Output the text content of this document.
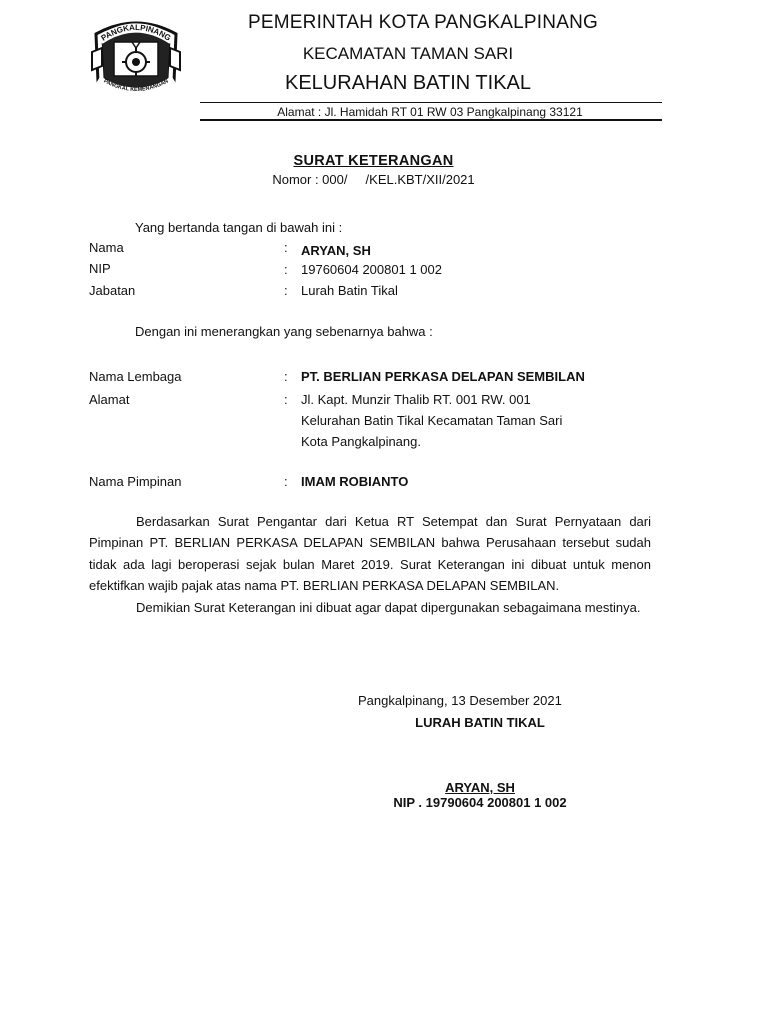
PANGKALPINANG
PANGKAL KEMENANGAN
PEMERINTAH KOTA PANGKALPINANG
KECAMATAN TAMAN SARI
KELURAHAN BATIN TIKAL
Alamat : Jl. Hamidah RT 01 RW 03 Pangkalpinang 33121
SURAT KETERANGAN
Nomor : 000/     /KEL.KBT/XII/2021
Yang bertanda tangan di bawah ini :
Nama	: ARYAN, SH
NIP	: 19760604 200801 1 002
Jabatan	: Lurah Batin Tikal
Dengan ini menerangkan yang sebenarnya bahwa :
Nama Lembaga	: PT. BERLIAN PERKASA DELAPAN SEMBILAN
Alamat	: Jl. Kapt. Munzir Thalib RT. 001 RW. 001
Kelurahan Batin Tikal Kecamatan Taman Sari
Kota Pangkalpinang.
Nama Pimpinan	: IMAM ROBIANTO

Berdasarkan Surat Pengantar dari Ketua RT Setempat dan Surat Pernyataan dari Pimpinan PT. BERLIAN PERKASA DELAPAN SEMBILAN bahwa Perusahaan tersebut sudah tidak ada lagi beroperasi sejak bulan Maret 2019. Surat Keterangan ini dibuat untuk menon efektifkan wajib pajak atas nama PT. BERLIAN PERKASA DELAPAN SEMBILAN.

Demikian Surat Keterangan ini dibuat agar dapat dipergunakan sebagaimana mestinya.

Pangkalpinang, 13 Desember 2021
LURAH BATIN TIKAL
ARYAN, SH
NIP . 19790604 200801 1 002
